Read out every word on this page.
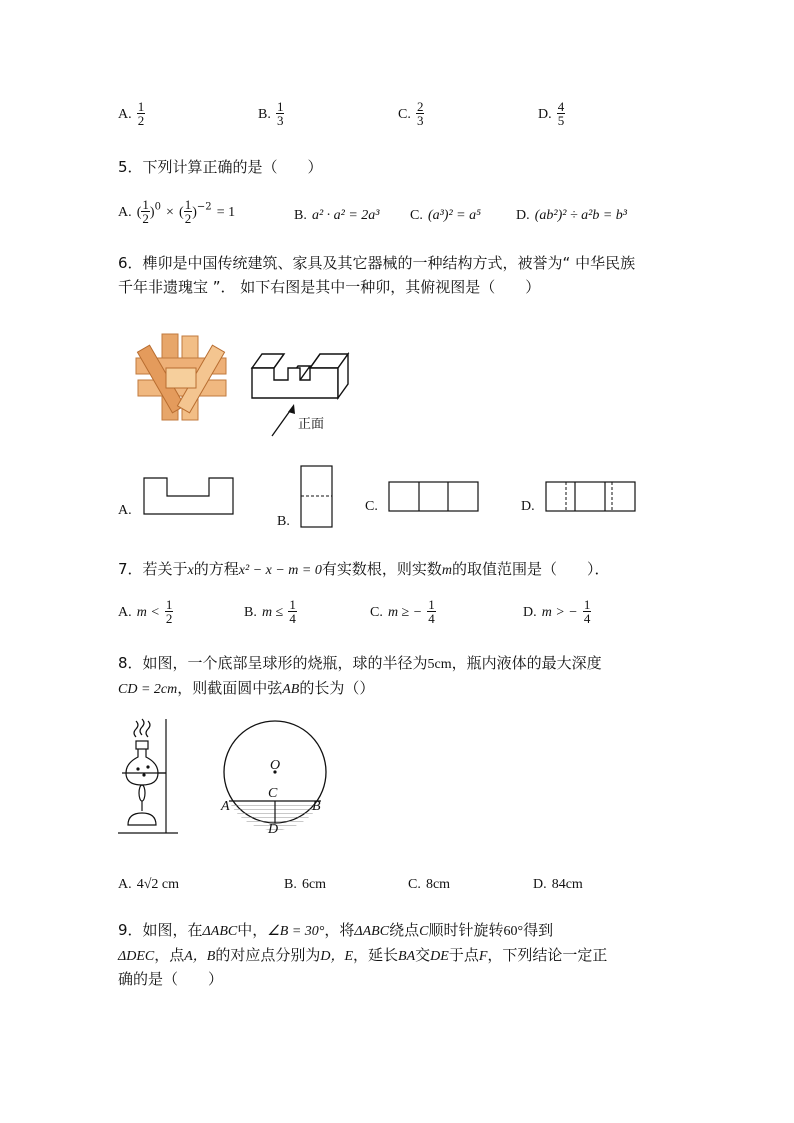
A. $\frac{1}{2}$	B. $\frac{1}{3}$	C. $\frac{2}{3}$	D. $\frac{4}{5}$
5．下列计算正确的是（　　）
A. ( $\frac{1}{2} )^0$ × ( $\frac{1}{2} )^{-2} = 1$	B. a² · a² = 2a³ C. (a³)² = a⁵	D. (ab²)² ÷ a²b = b³
6．榫卯是中国传统建筑、家具及其它器械的一种结构方式，被誉为“ 中华民族
千年非遗瑰宝 ”． 如下右图是其中一种卯，其俯视图是（　　）
正面
A.
B.
C.	D.
7．若关于x的方程x² − x − m = 0有实数根，则实数m的取值范围是（　　）．
A. $m < \frac{1}{2}$	B. $m \le \frac{1}{4}$	C. m ≥ − $\frac{1}{4}$	D. m > − $\frac{1}{4}$
8．如图，一个底部呈球形的烧瓶，球的半径为5cm，瓶内液体的最大深度
CD = 2cm，则截面圆中弦AB的长为（）
O
C
A	B
D
A. 4√2 cm	B. 6cm	C. 8cm	D. 84cm
9．如图，在ΔABC中，∠B = 30°，将ΔABC绕点C顺时针旋转60°得到
ΔDEC，点A，B的对应点分别为D，E，延长BA交DE于点F，下列结论一定正
确的是（　　）
